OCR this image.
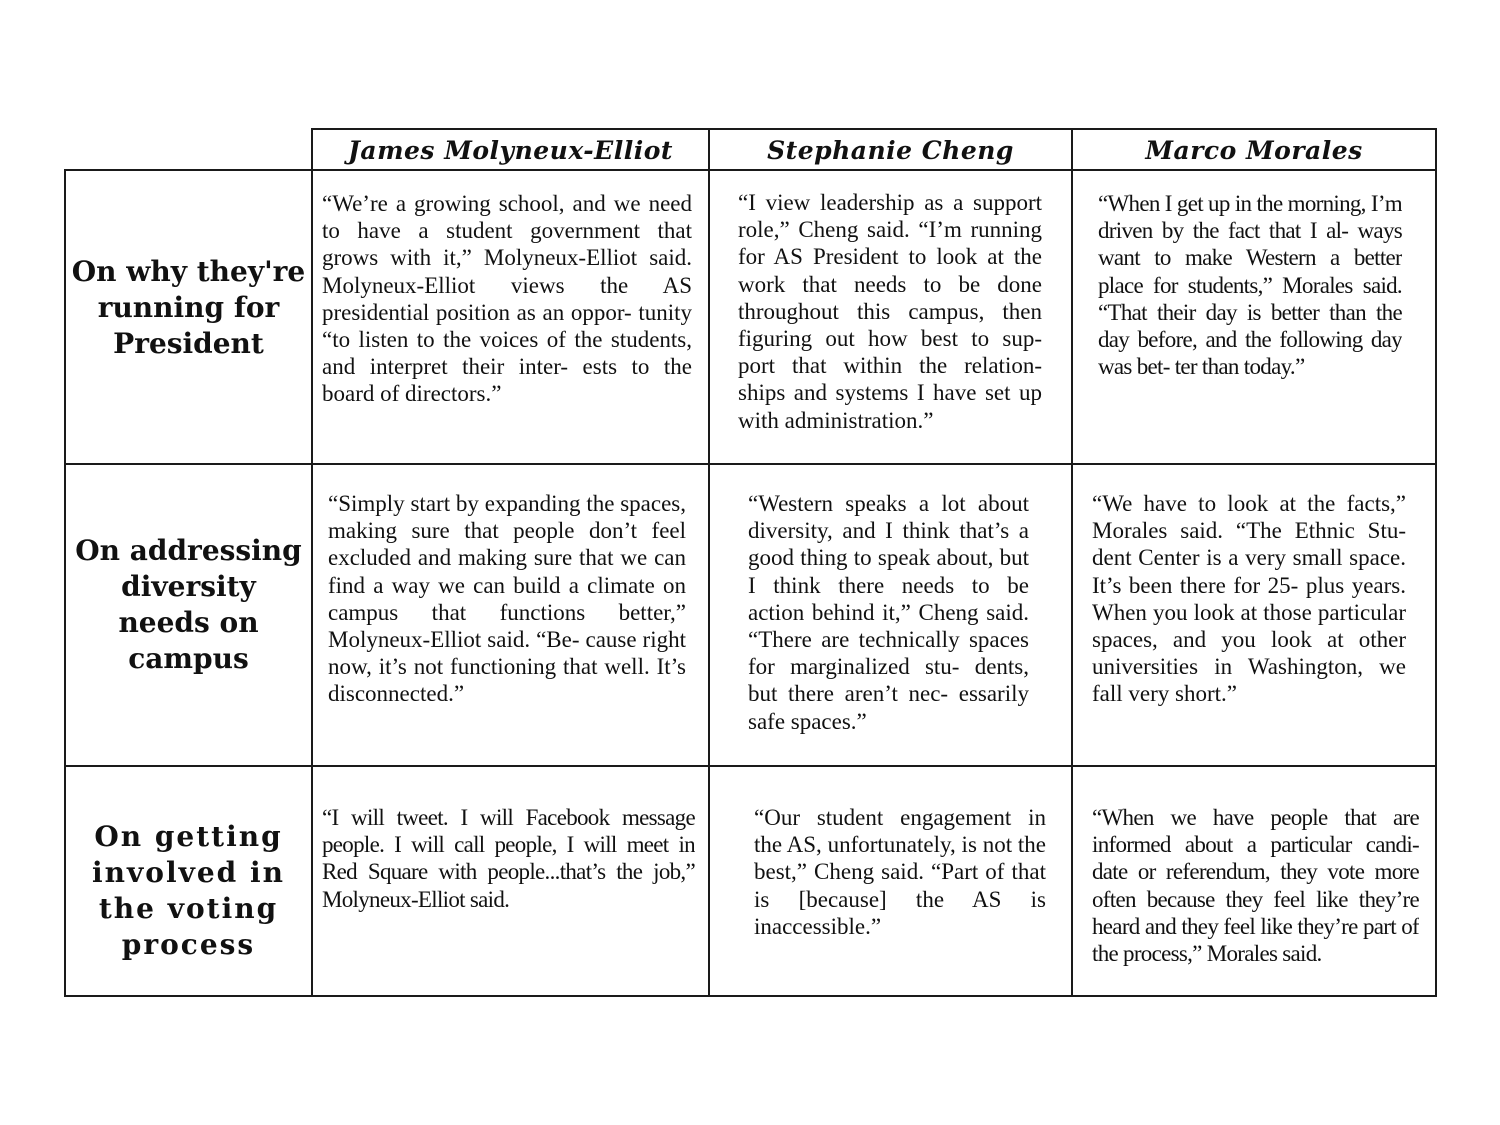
James Molyneux-Elliot	Stephanie Cheng	Marco Morales
On why they're running for President
“We’re a growing school, and we need to have a student government that grows with it,” Molyneux-Elliot said. Molyneux-Elliot views the AS presidential position as an oppor- tunity “to listen to the voices of the students, and interpret their inter- ests to the board of directors.”
“I view leadership as a support role,” Cheng said. “I’m running for AS President to look at the work that needs to be done throughout this campus, then figuring out how best to sup- port that within the relation- ships and systems I have set up with administration.”
“When I get up in the morning, I’m driven by the fact that I al- ways want to make Western a better place for students,” Morales said. “That their day is better than the day before, and the following day was bet- ter than today.”
On addressing diversity needs on campus
“Simply start by expanding the spaces, making sure that people don’t feel excluded and making sure that we can find a way we can build a climate on campus that functions better,” Molyneux-Elliot said. “Be- cause right now, it’s not functioning that well. It’s disconnected.”
“Western speaks a lot about diversity, and I think that’s a good thing to speak about, but I think there needs to be action behind it,” Cheng said. “There are technically spaces for marginalized stu- dents, but there aren’t nec- essarily safe spaces.”
“We have to look at the facts,” Morales said. “The Ethnic Stu- dent Center is a very small space. It’s been there for 25- plus years. When you look at those particular spaces, and you look at other universities in Washington, we fall very short.”
On getting involved in the voting process
“I will tweet. I will Facebook message people. I will call people, I will meet in Red Square with people...that’s the job,” Molyneux-Elliot said.
“Our student engagement in the AS, unfortunately, is not the best,” Cheng said. “Part of that is [because] the AS is inaccessible.”
“When we have people that are informed about a particular candi- date or referendum, they vote more often because they feel like they’re heard and they feel like they’re part of the process,” Morales said.
